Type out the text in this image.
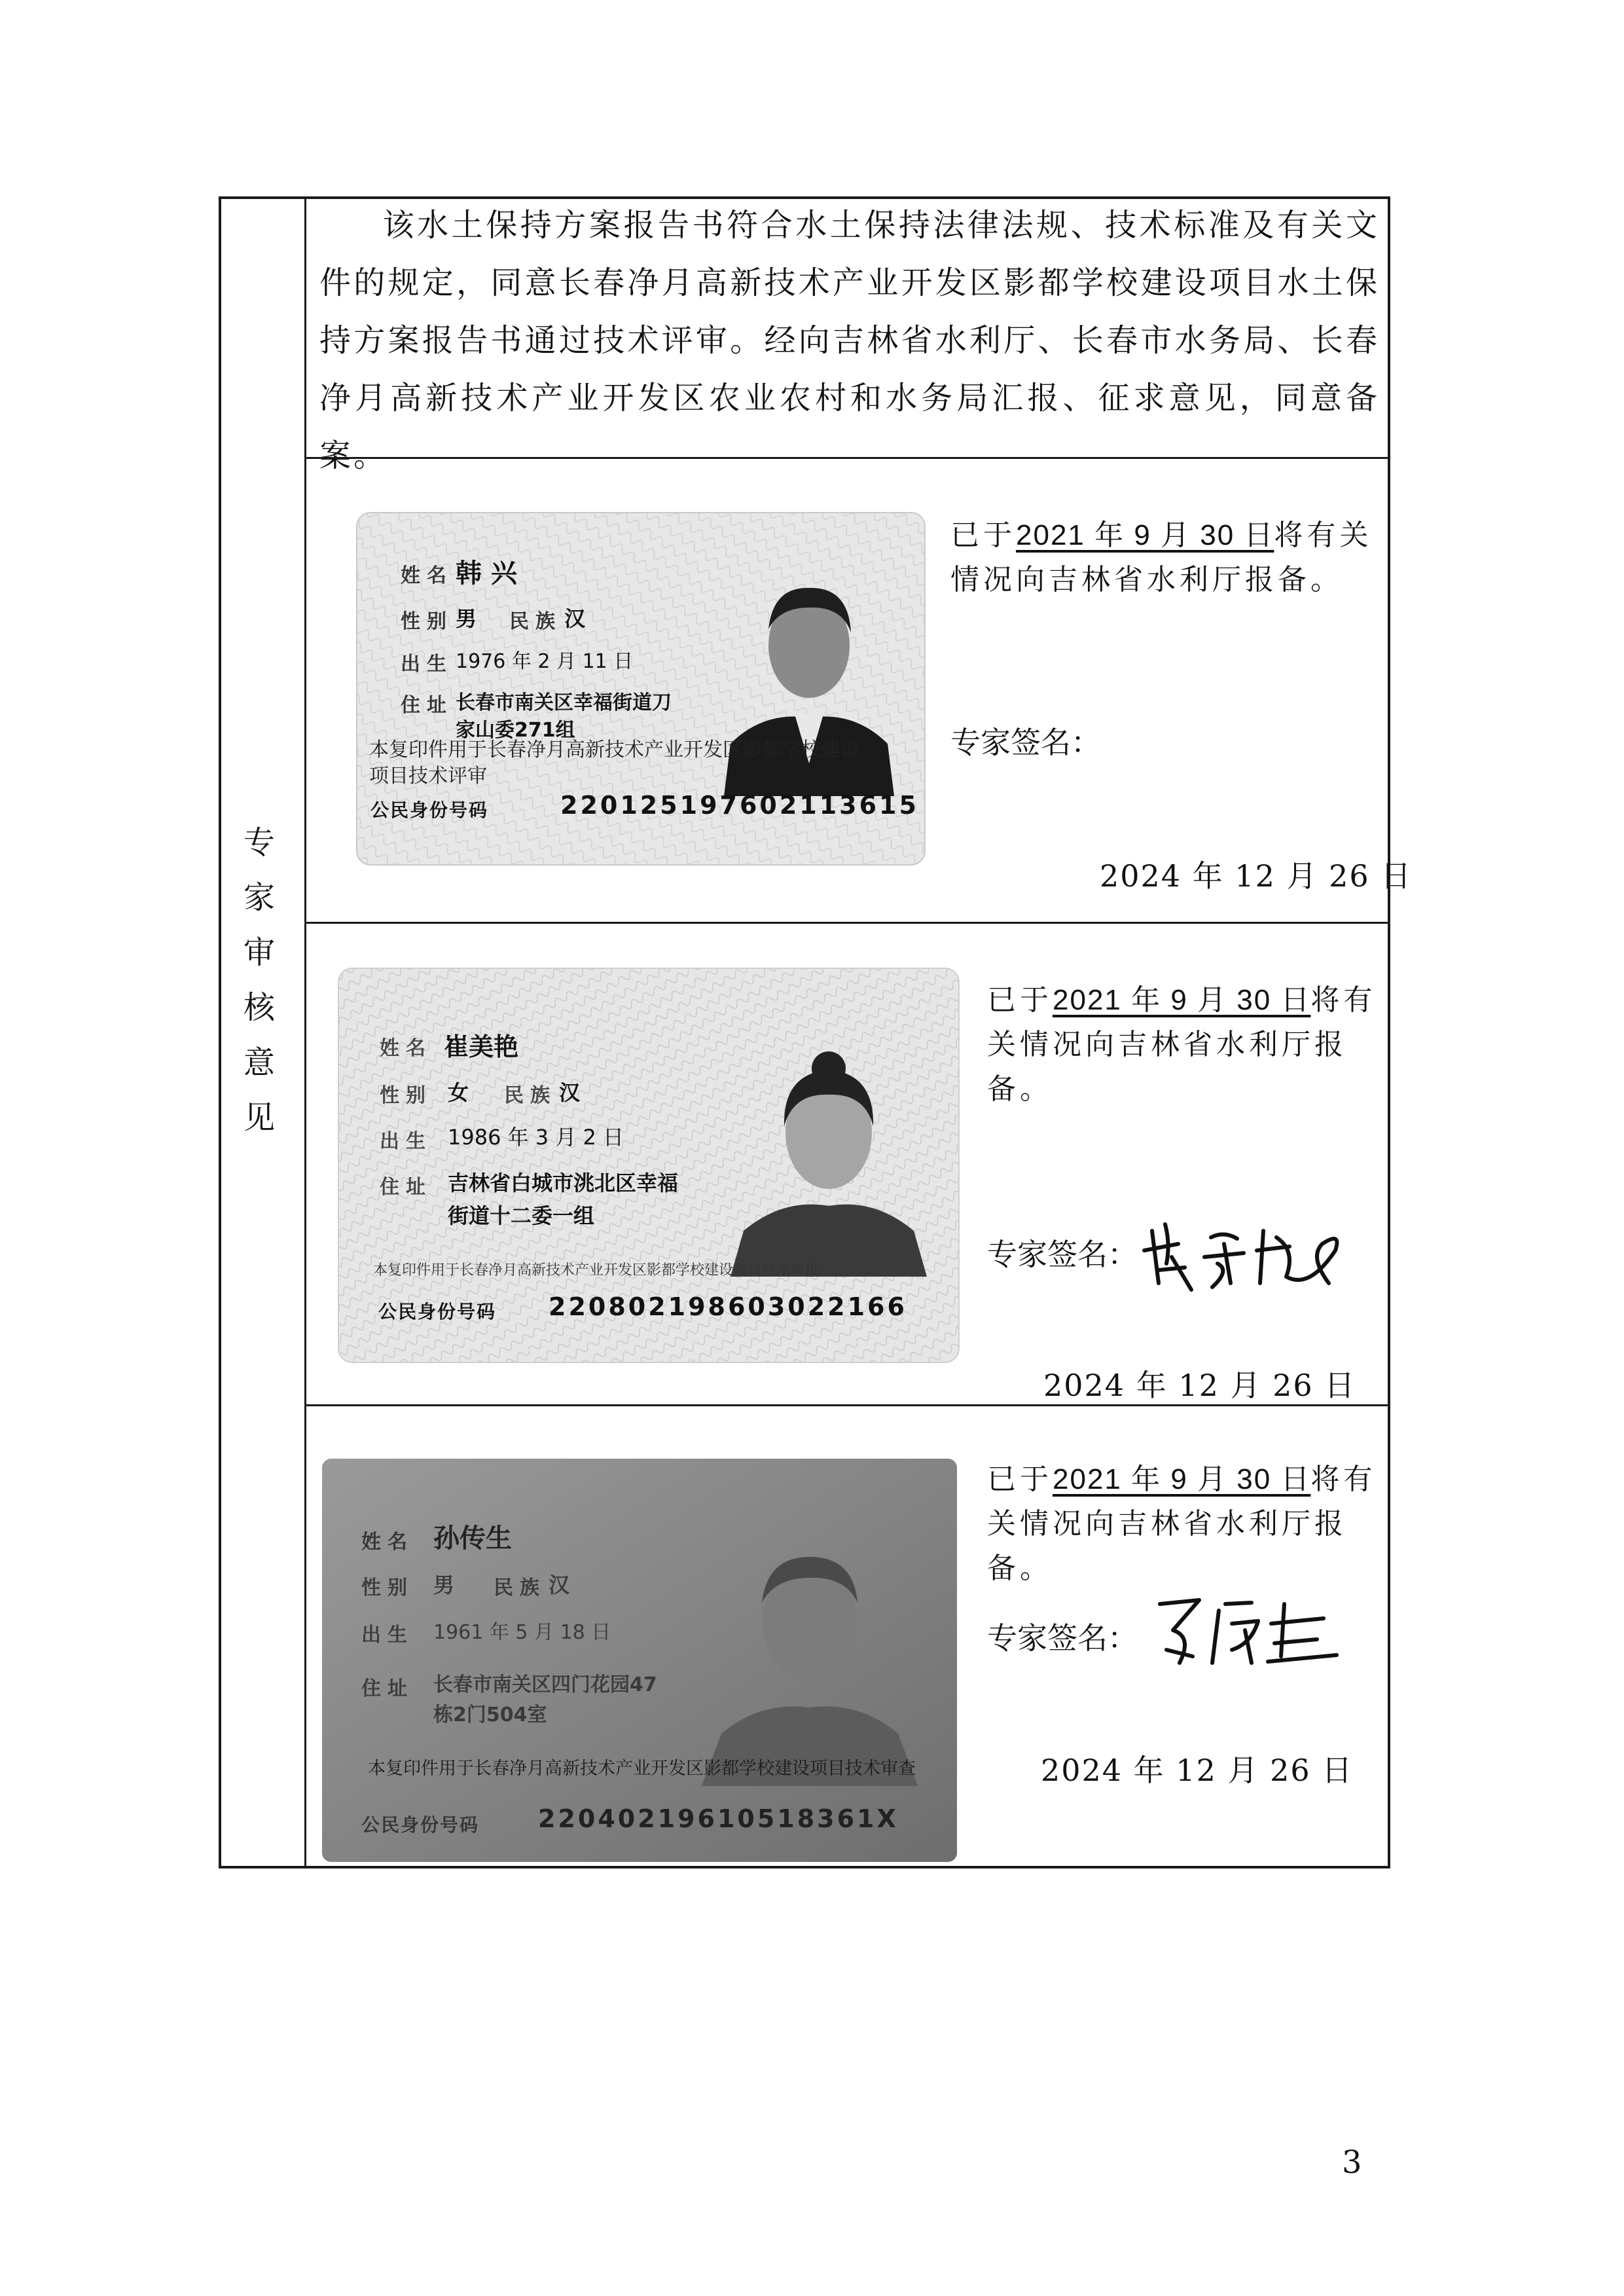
专
家
审
核
意
见
该水土保持方案报告书符合水土保持法律法规、技术标准及有关文件的规定，同意长春净月高新技术产业开发区影都学校建设项目水土保持方案报告书通过技术评审。经向吉林省水利厅、长春市水务局、长春净月高新技术产业开发区农业农村和水务局汇报、征求意见，同意备案。
姓名 韩兴
性别 男 民族 汉
出生 1976 年 2 月 11 日
住址 长春市南关区幸福街道刀
家山委271组
本复印件用于长春净月高新技术产业开发区影都学校建设项目技术评审
公民身份号码	220125197602113615
已于2021 年 9 月 30 日将有关情况向吉林省水利厅报备。
专家签名：
2024 年 12 月 26 日
姓名 崔美艳
性别 女 民族 汉
出生 1986 年 3 月 2 日
住址 吉林省白城市洮北区幸福
街道十二委一组
本复印件用于长春净月高新技术产业开发区影都学校建设项目技术审批
公民身份号码 220802198603022166
已于2021 年 9 月 30 日将有关情况向吉林省水利厅报备。
专家签名：
2024 年 12 月 26 日
姓名 孙传生
性别 男 民族 汉
出生 1961 年 5 月 18 日
住址 长春市南关区四门花园47
栋2门504室
本复印件用于长春净月高新技术产业开发区影都学校建设项目技术审查
公民身份号码 22040219610518361X
已于2021 年 9 月 30 日将有关情况向吉林省水利厅报备。
专家签名：
2024 年 12 月 26 日
3
